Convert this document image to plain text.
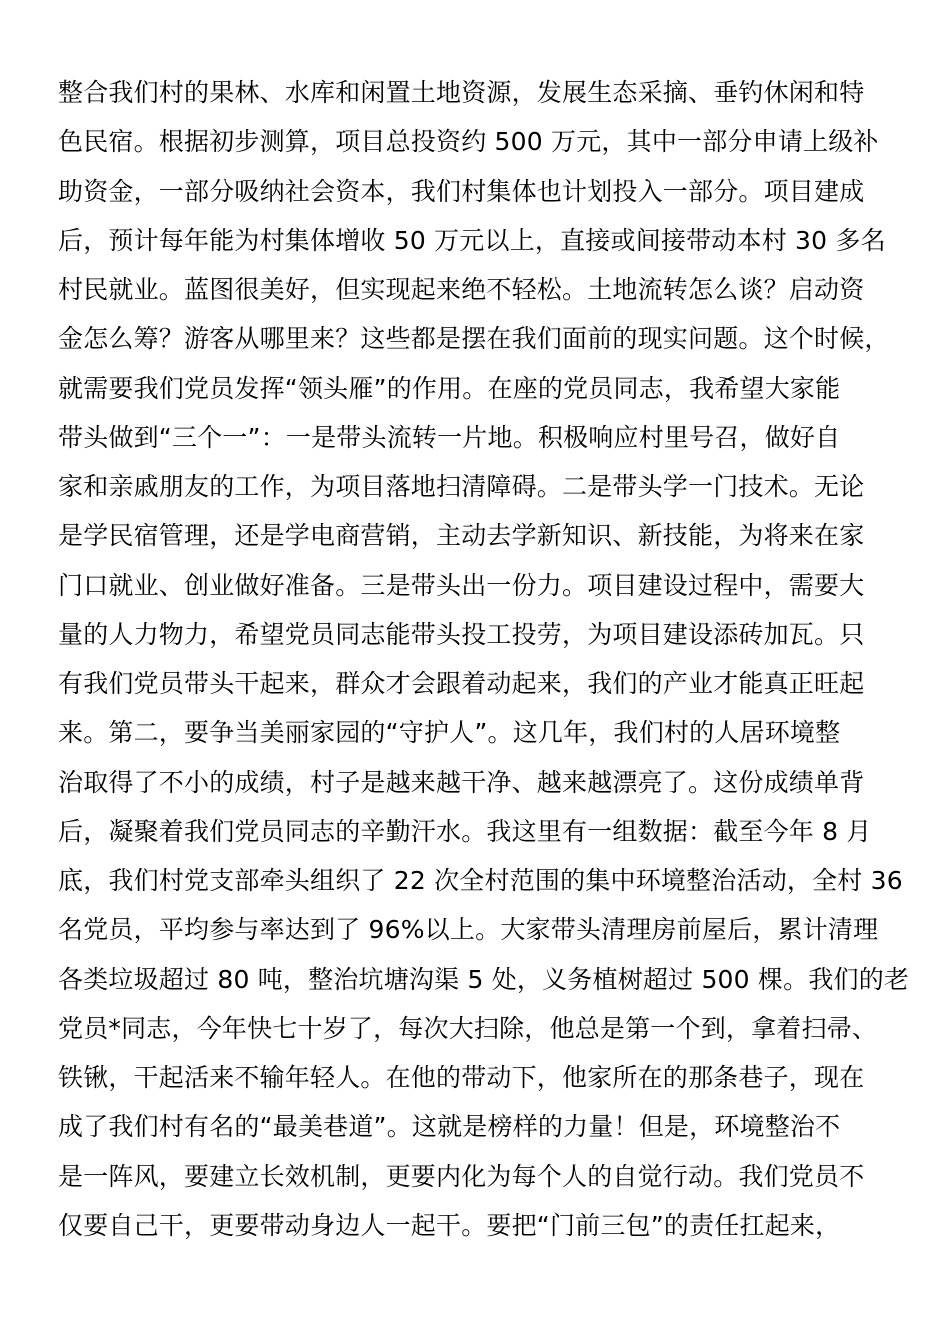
整合我们村的果林、水库和闲置土地资源，发展生态采摘、垂钓休闲和特
色民宿。根据初步测算，项目总投资约 500 万元，其中一部分申请上级补
助资金，一部分吸纳社会资本，我们村集体也计划投入一部分。项目建成
后，预计每年能为村集体增收 50 万元以上，直接或间接带动本村 30 多名
村民就业。蓝图很美好，但实现起来绝不轻松。土地流转怎么谈？启动资
金怎么筹？游客从哪里来？这些都是摆在我们面前的现实问题。这个时候，
就需要我们党员发挥“领头雁”的作用。在座的党员同志，我希望大家能
带头做到“三个一”：一是带头流转一片地。积极响应村里号召，做好自
家和亲戚朋友的工作，为项目落地扫清障碍。二是带头学一门技术。无论
是学民宿管理，还是学电商营销，主动去学新知识、新技能，为将来在家
门口就业、创业做好准备。三是带头出一份力。项目建设过程中，需要大
量的人力物力，希望党员同志能带头投工投劳，为项目建设添砖加瓦。只
有我们党员带头干起来，群众才会跟着动起来，我们的产业才能真正旺起
来。第二，要争当美丽家园的“守护人”。这几年，我们村的人居环境整
治取得了不小的成绩，村子是越来越干净、越来越漂亮了。这份成绩单背
后，凝聚着我们党员同志的辛勤汗水。我这里有一组数据：截至今年 8 月
底，我们村党支部牵头组织了 22 次全村范围的集中环境整治活动，全村 36
名党员，平均参与率达到了 96%以上。大家带头清理房前屋后，累计清理
各类垃圾超过 80 吨，整治坑塘沟渠 5 处，义务植树超过 500 棵。我们的老
党员*同志，今年快七十岁了，每次大扫除，他总是第一个到，拿着扫帚、
铁锹，干起活来不输年轻人。在他的带动下，他家所在的那条巷子，现在
成了我们村有名的“最美巷道”。这就是榜样的力量！但是，环境整治不
是一阵风，要建立长效机制，更要内化为每个人的自觉行动。我们党员不
仅要自己干，更要带动身边人一起干。要把“门前三包”的责任扛起来，
